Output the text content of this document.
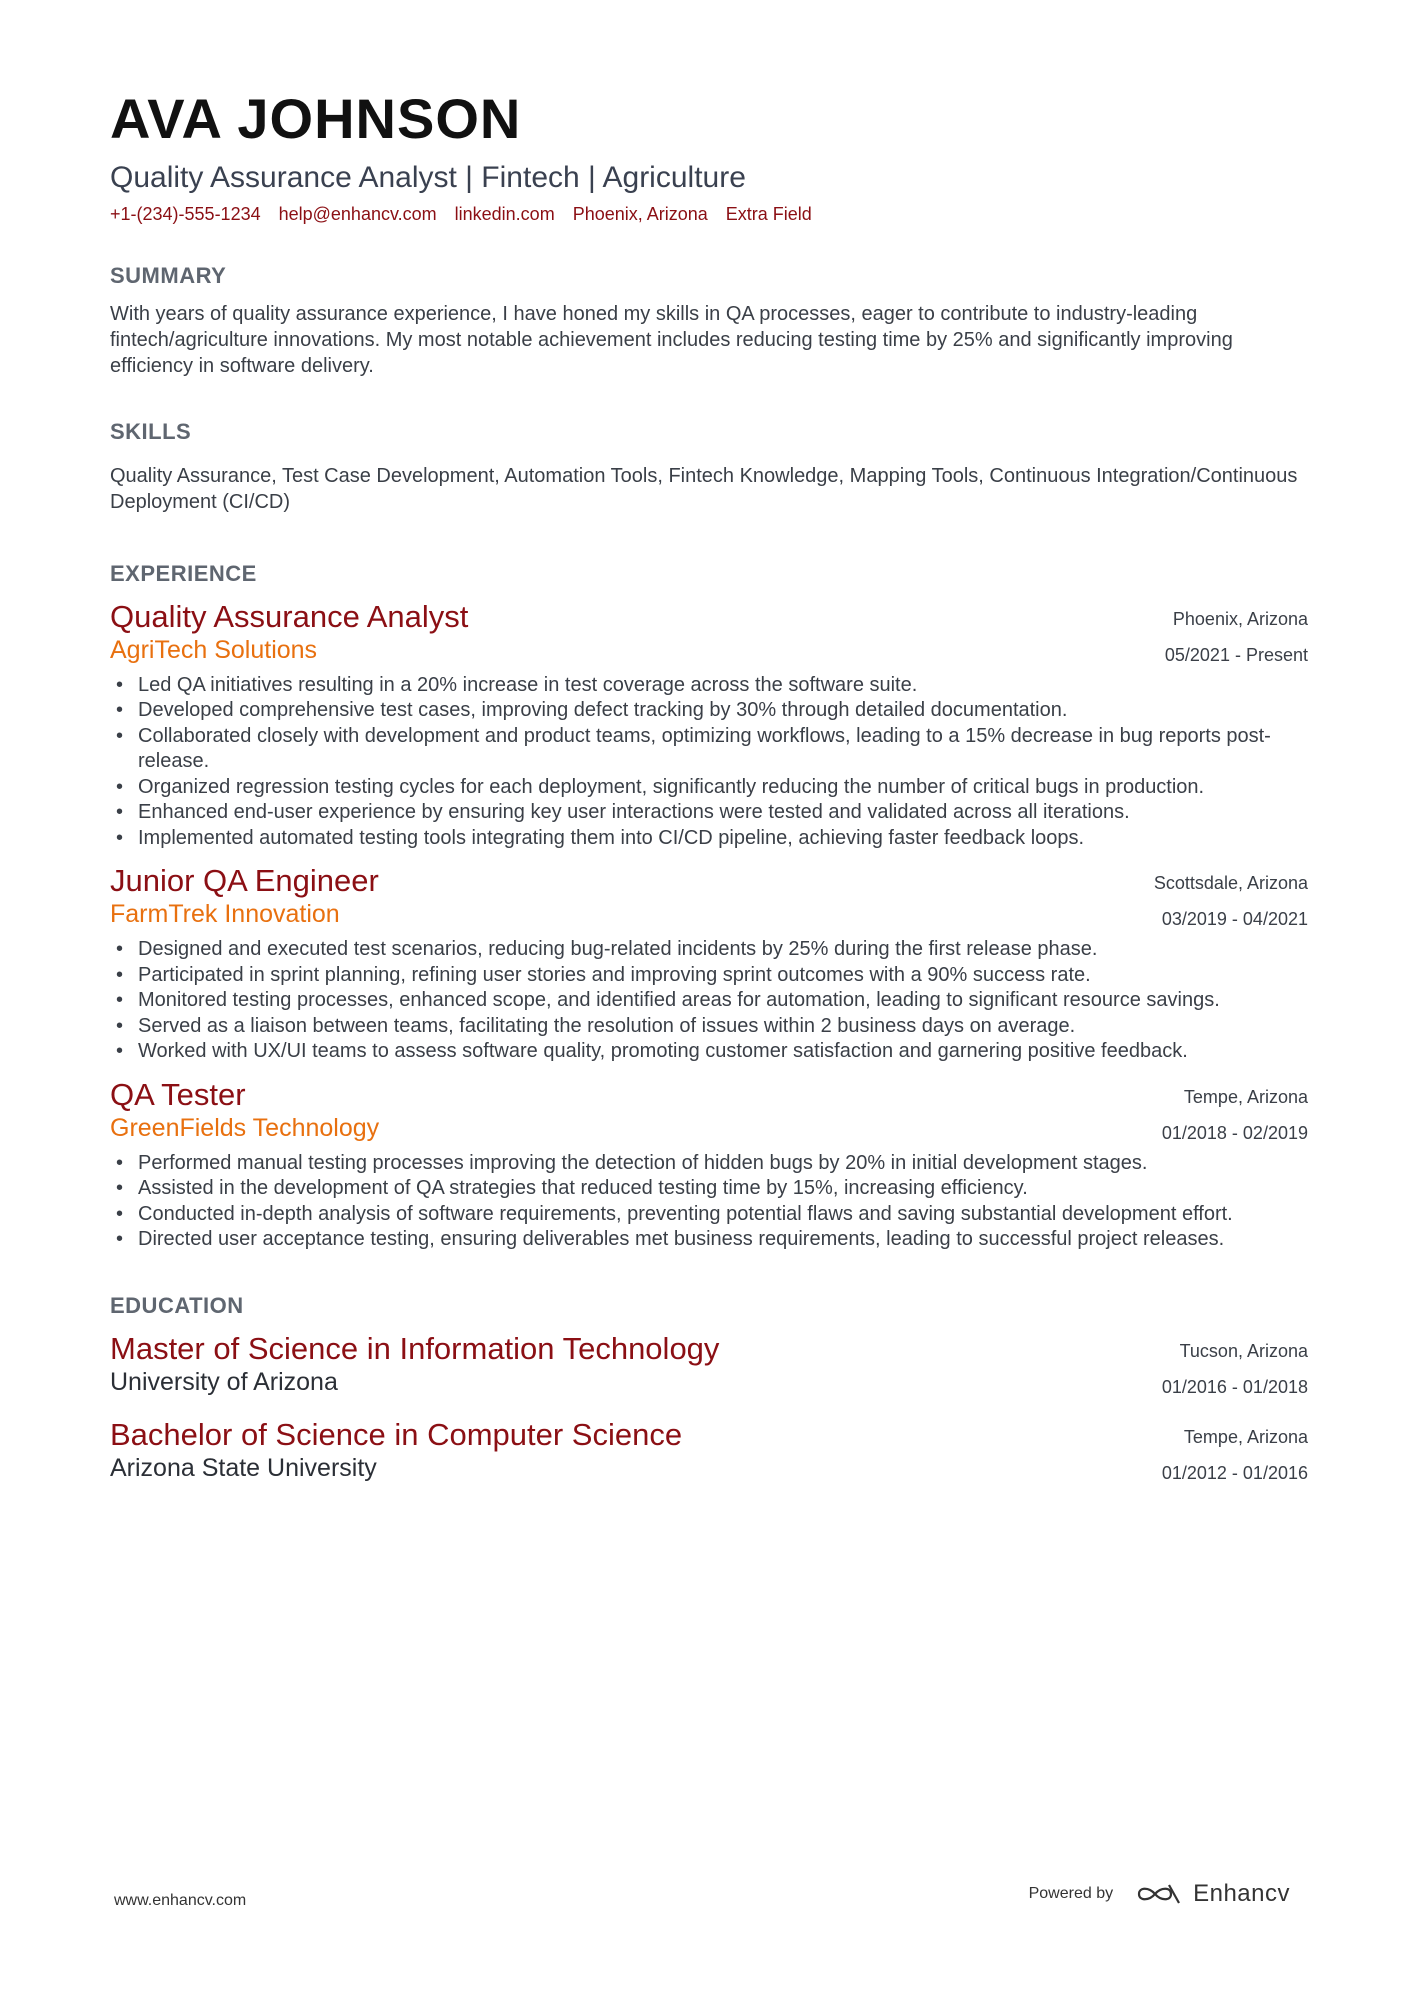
AVA JOHNSON
Quality Assurance Analyst | Fintech | Agriculture
+1-(234)-555-1234 help@enhancv.com linkedin.com Phoenix, Arizona Extra Field
SUMMARY

With years of quality assurance experience, I have honed my skills in QA processes, eager to contribute to industry-leading fintech/agriculture innovations. My most notable achievement includes reducing testing time by 25% and significantly improving efficiency in software delivery.

SKILLS

Quality Assurance, Test Case Development, Automation Tools, Fintech Knowledge, Mapping Tools, Continuous Integration/Continuous Deployment (CI/CD)

EXPERIENCE
Quality Assurance Analyst
AgriTech Solutions
Phoenix, Arizona
05/2021 - Present
• Led QA initiatives resulting in a 20% increase in test coverage across the software suite.
• Developed comprehensive test cases, improving defect tracking by 30% through detailed documentation.
• Collaborated closely with development and product teams, optimizing workflows, leading to a 15% decrease in bug reports post-release.
• Organized regression testing cycles for each deployment, significantly reducing the number of critical bugs in production.
• Enhanced end-user experience by ensuring key user interactions were tested and validated across all iterations.
• Implemented automated testing tools integrating them into CI/CD pipeline, achieving faster feedback loops.
Junior QA Engineer
FarmTrek Innovation
Scottsdale, Arizona
03/2019 - 04/2021
• Designed and executed test scenarios, reducing bug-related incidents by 25% during the first release phase.
• Participated in sprint planning, refining user stories and improving sprint outcomes with a 90% success rate.
• Monitored testing processes, enhanced scope, and identified areas for automation, leading to significant resource savings.
• Served as a liaison between teams, facilitating the resolution of issues within 2 business days on average.
• Worked with UX/UI teams to assess software quality, promoting customer satisfaction and garnering positive feedback.
QA Tester
GreenFields Technology
Tempe, Arizona
01/2018 - 02/2019
• Performed manual testing processes improving the detection of hidden bugs by 20% in initial development stages.
• Assisted in the development of QA strategies that reduced testing time by 15%, increasing efficiency.
• Conducted in-depth analysis of software requirements, preventing potential flaws and saving substantial development effort.
• Directed user acceptance testing, ensuring deliverables met business requirements, leading to successful project releases.
EDUCATION
Master of Science in Information Technology
University of Arizona
Tucson, Arizona
01/2016 - 01/2018
Bachelor of Science in Computer Science
Arizona State University
Tempe, Arizona
01/2012 - 01/2016
www.enhancv.com	Powered by	Enhancv
